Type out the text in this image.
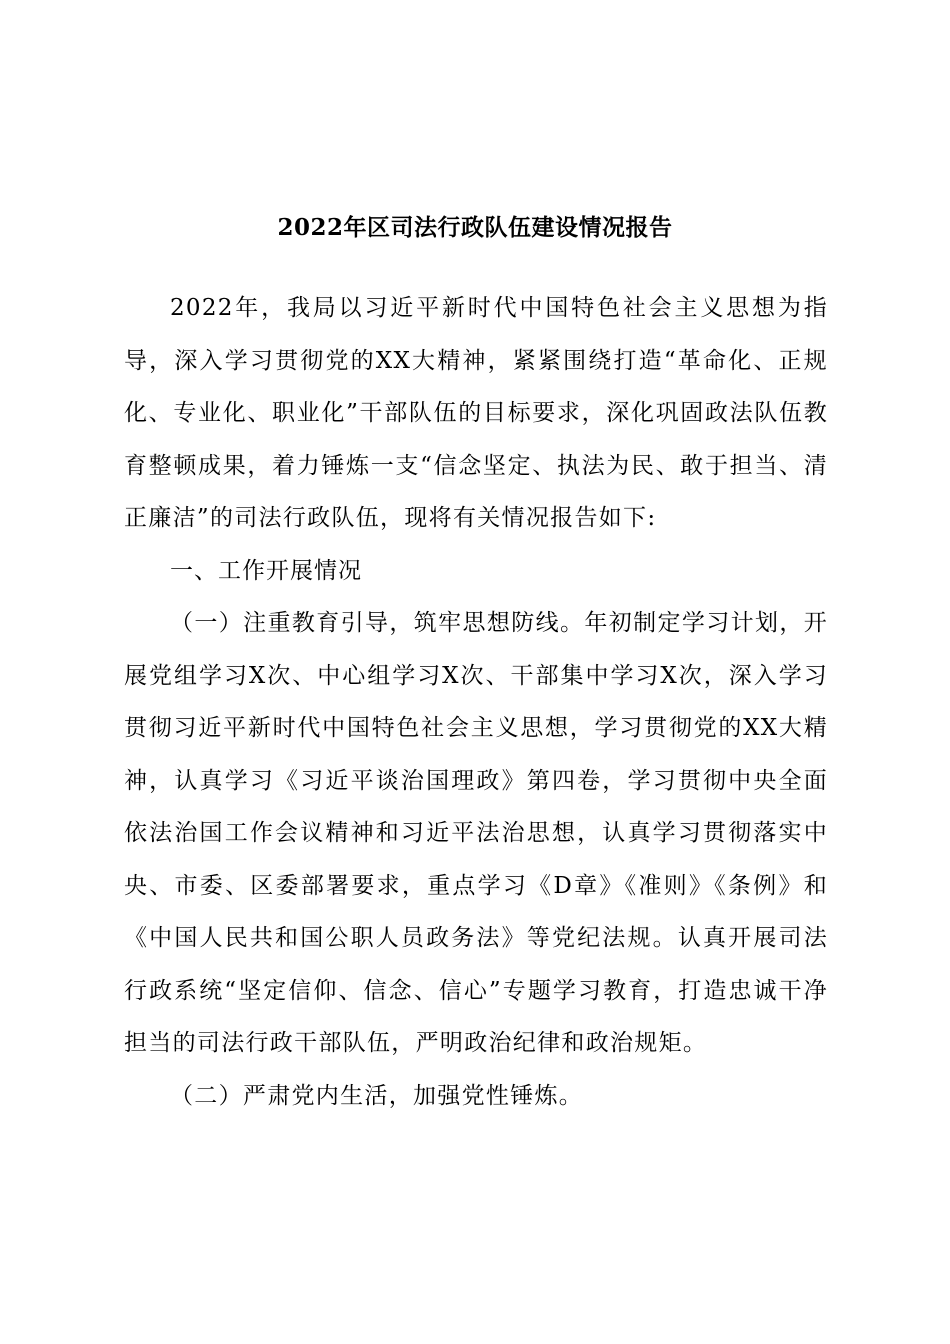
2022年区司法行政队伍建设情况报告

2022年，我局以习近平新时代中国特色社会主义思想为指导，深入学习贯彻党的XX大精神，紧紧围绕打造“革命化、正规化、专业化、职业化”干部队伍的目标要求，深化巩固政法队伍教育整顿成果，着力锤炼一支“信念坚定、执法为民、敢于担当、清正廉洁”的司法行政队伍，现将有关情况报告如下:

一、工作开展情况

（一）注重教育引导，筑牢思想防线。年初制定学习计划，开展党组学习X次、中心组学习X次、干部集中学习X次，深入学习贯彻习近平新时代中国特色社会主义思想，学习贯彻党的XX大精神，认真学习《习近平谈治国理政》第四卷，学习贯彻中央全面依法治国工作会议精神和习近平法治思想，认真学习贯彻落实中央、市委、区委部署要求，重点学习《D章》《准则》《条例》和《中国人民共和国公职人员政务法》等党纪法规。认真开展司法行政系统“坚定信仰、信念、信心”专题学习教育，打造忠诚干净担当的司法行政干部队伍，严明政治纪律和政治规矩。

（二）严肃党内生活，加强党性锤炼。
